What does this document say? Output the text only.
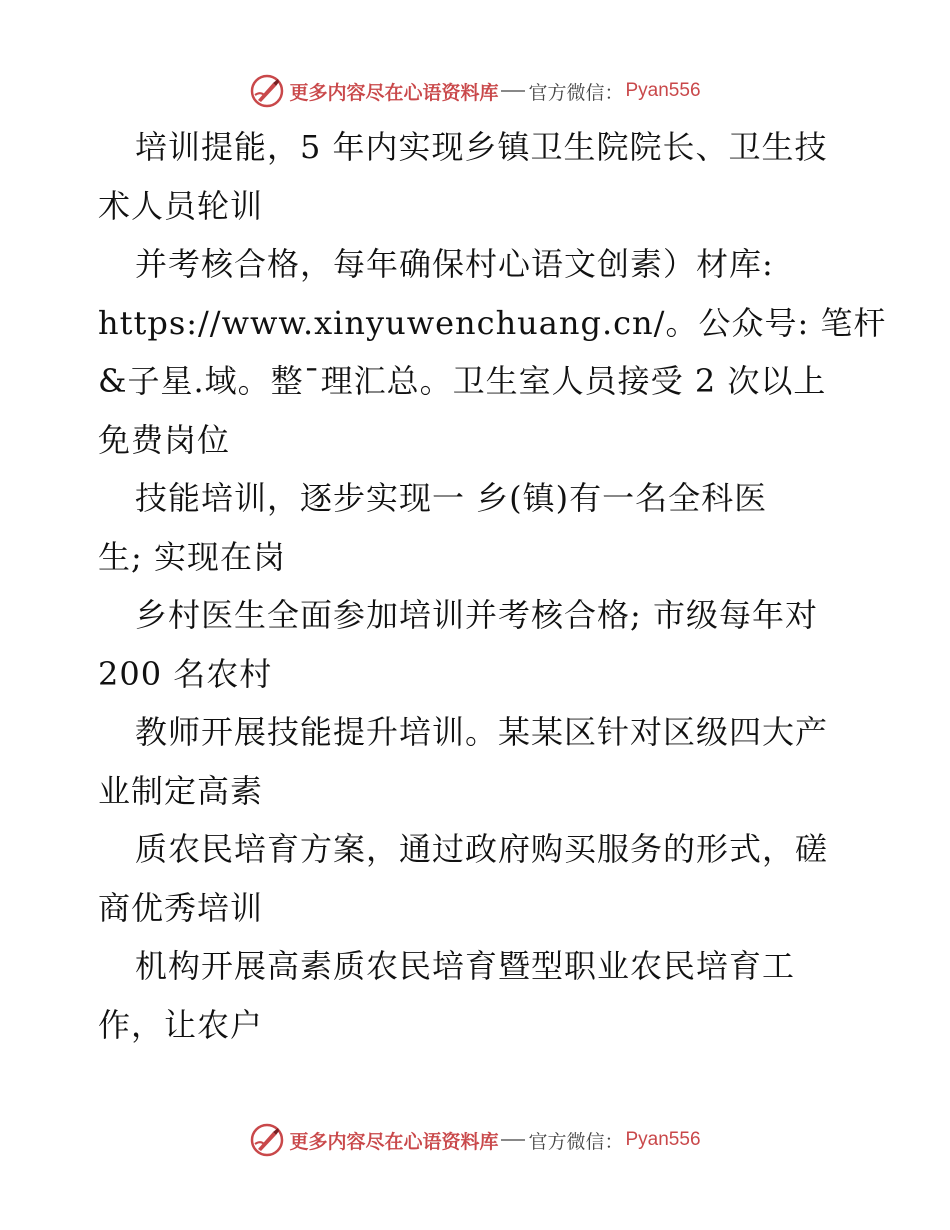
更多内容尽在心语资料库 官方微信： Pyan556
培训提能，5 年内实现乡镇卫生院院长、卫生技
术人员轮训
并考核合格，每年确保村心语文创素）材库:
https://www.xinyuwenchuang.cn/。公众号: 笔杆
&子星.域。整¯理汇总。卫生室人员接受 2 次以上
免费岗位
技能培训，逐步实现一 乡(镇)有一名全科医
生; 实现在岗
乡村医生全面参加培训并考核合格; 市级每年对
200 名农村
教师开展技能提升培训。某某区针对区级四大产
业制定高素
质农民培育方案，通过政府购买服务的形式，磋
商优秀培训
机构开展高素质农民培育暨型职业农民培育工
作，让农户
更多内容尽在心语资料库 官方微信： Pyan556
